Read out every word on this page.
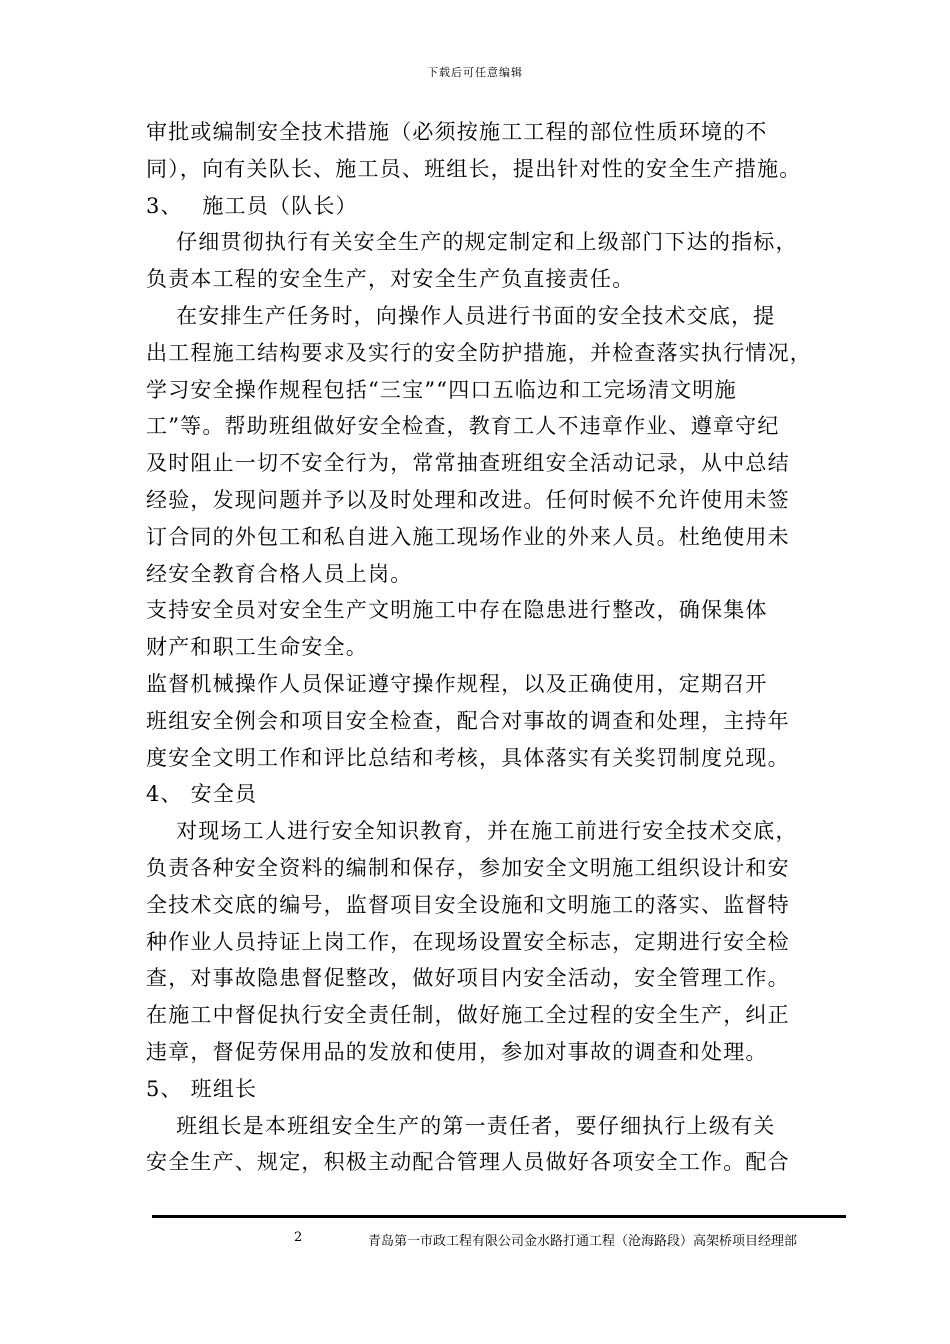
下载后可任意编辑
审批或编制安全技术措施（必须按施工工程的部位性质环境的不
同），向有关队长、施工员、班组长，提出针对性的安全生产措施。
3、　 施工员（队长）
　 仔细贯彻执行有关安全生产的规定制定和上级部门下达的指标，
负责本工程的安全生产，对安全生产负直接责任。
　 在安排生产任务时，向操作人员进行书面的安全技术交底，提
出工程施工结构要求及实行的安全防护措施，并检查落实执行情况，
学习安全操作规程包括“三宝”“四口五临边和工完场清文明施
工”等。帮助班组做好安全检查，教育工人不违章作业、遵章守纪
及时阻止一切不安全行为，常常抽查班组安全活动记录，从中总结
经验，发现问题并予以及时处理和改进。任何时候不允许使用未签
订合同的外包工和私自进入施工现场作业的外来人员。杜绝使用未
经安全教育合格人员上岗。
支持安全员对安全生产文明施工中存在隐患进行整改，确保集体
财产和职工生命安全。
监督机械操作人员保证遵守操作规程，以及正确使用，定期召开
班组安全例会和项目安全检查，配合对事故的调查和处理，主持年
度安全文明工作和评比总结和考核，具体落实有关奖罚制度兑现。
4、 安全员
　 对现场工人进行安全知识教育，并在施工前进行安全技术交底，
负责各种安全资料的编制和保存，参加安全文明施工组织设计和安
全技术交底的编号，监督项目安全设施和文明施工的落实、监督特
种作业人员持证上岗工作，在现场设置安全标志，定期进行安全检
查，对事故隐患督促整改，做好项目内安全活动，安全管理工作。
在施工中督促执行安全责任制，做好施工全过程的安全生产，纠正
违章，督促劳保用品的发放和使用，参加对事故的调查和处理。
5、 班组长
　 班组长是本班组安全生产的第一责任者，要仔细执行上级有关
安全生产、规定，积极主动配合管理人员做好各项安全工作。配合
2	青岛第一市政工程有限公司金水路打通工程（沧海路段）高架桥项目经理部
